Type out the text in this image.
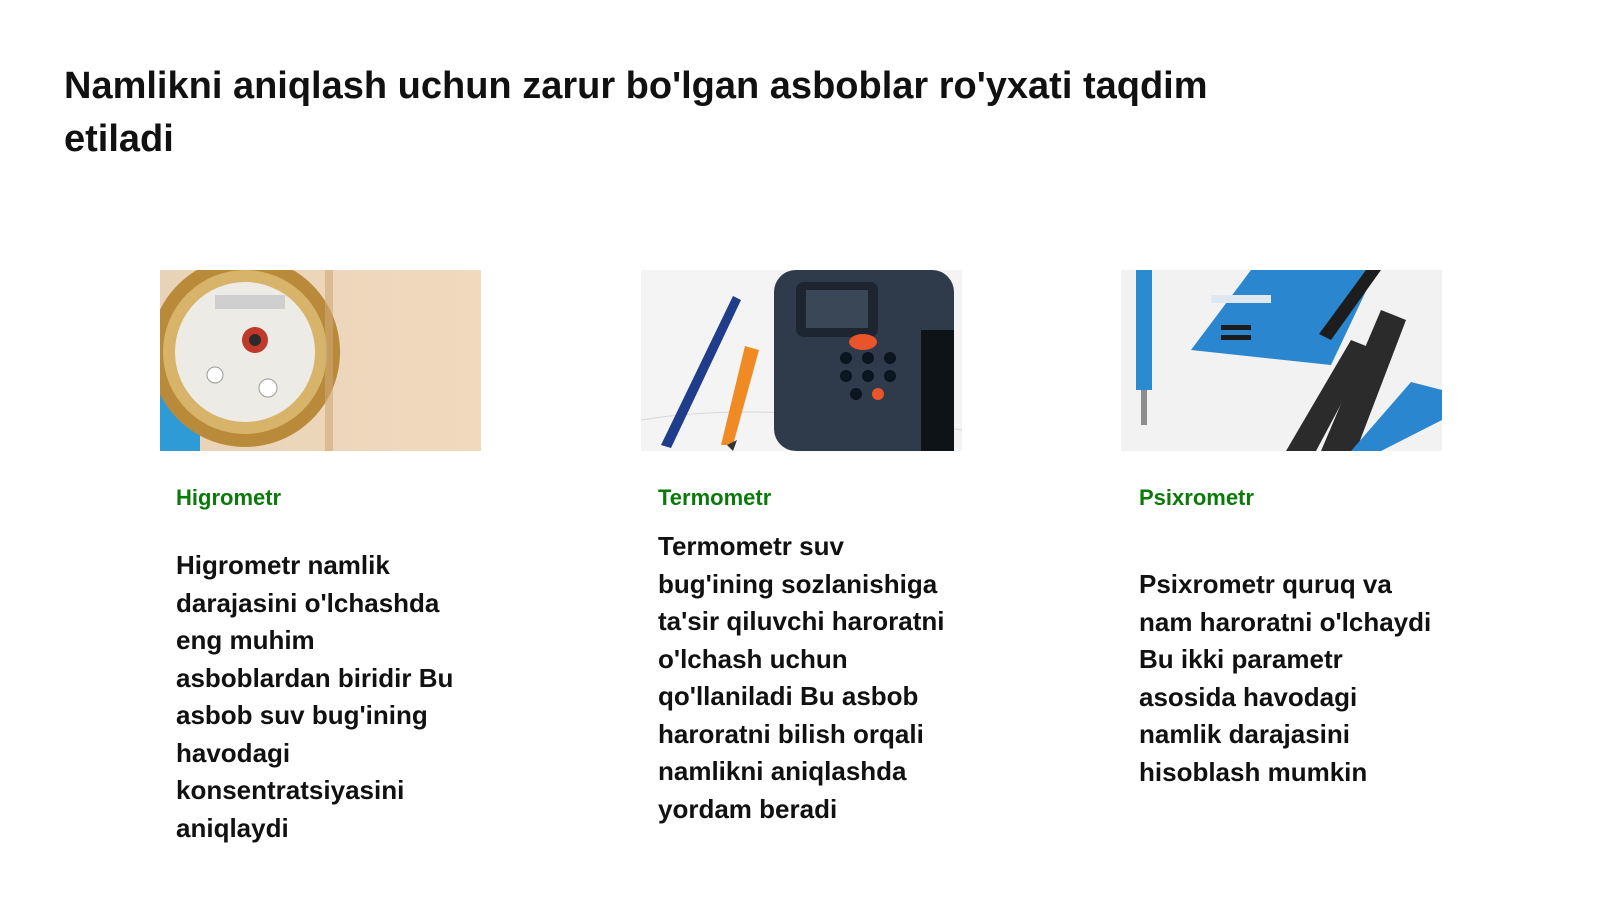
Namlikni aniqlash uchun zarur bo'lgan asboblar ro'yxati taqdim etiladi
Higrometr
Higrometr namlik darajasini o'lchashda eng muhim asboblardan biridir Bu asbob suv bug'ining havodagi konsentratsiyasini aniqlaydi
Termometr
Termometr suv bug'ining sozlanishiga ta'sir qiluvchi haroratni o'lchash uchun qo'llaniladi Bu asbob haroratni bilish orqali namlikni aniqlashda yordam beradi
Psixrometr
Psixrometr quruq va nam haroratni o'lchaydi Bu ikki parametr asosida havodagi namlik darajasini hisoblash mumkin
